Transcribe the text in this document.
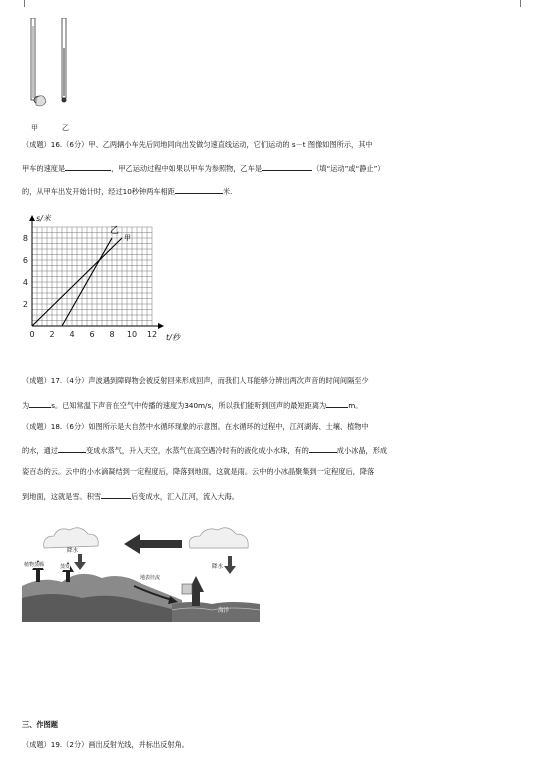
甲	乙
（成题）16.（6分）甲、乙两辆小车先后同地同向出发做匀速直线运动，它们运动的 s－t 图像如图所示，其中
甲车的速度是	，甲乙运动过程中如果以甲车为参照物，乙车是	（填“运动”或“静止”）
的，从甲车出发开始计时，经过10秒钟两车相距	米.
0 2 4 6 8 10 12
2
4
6
8
s/米
t/秒
甲
乙
（成题）17.（4分）声波遇到障碍物会被反射回来形成回声，而我们人耳能够分辨出两次声音的时间间隔至少
为	s。已知常温下声音在空气中传播的速度为340m/s，所以我们能听到回声的最短距离为	m。
（成题）18.（6分）如图所示是大自然中水循环现象的示意图。在水循环的过程中，江河湖海、土壤、植物中
的水，通过	变成水蒸气，升入天空，水蒸气在高空遇冷时有的液化成小水珠，有的	成小冰晶，形成
姿百态的云。云中的小水滴凝结到一定程度后，降落到地面，这就是雨。云中的小冰晶聚集到一定程度后，降落
到地面，这就是雪。积雪	后变成水，汇入江河，流入大海。
水汽输送
降水
植物蒸腾	蒸发
地表径流
降水
海洋
三、作图题
（成题）19.（2分）画出反射光线，并标出反射角。
